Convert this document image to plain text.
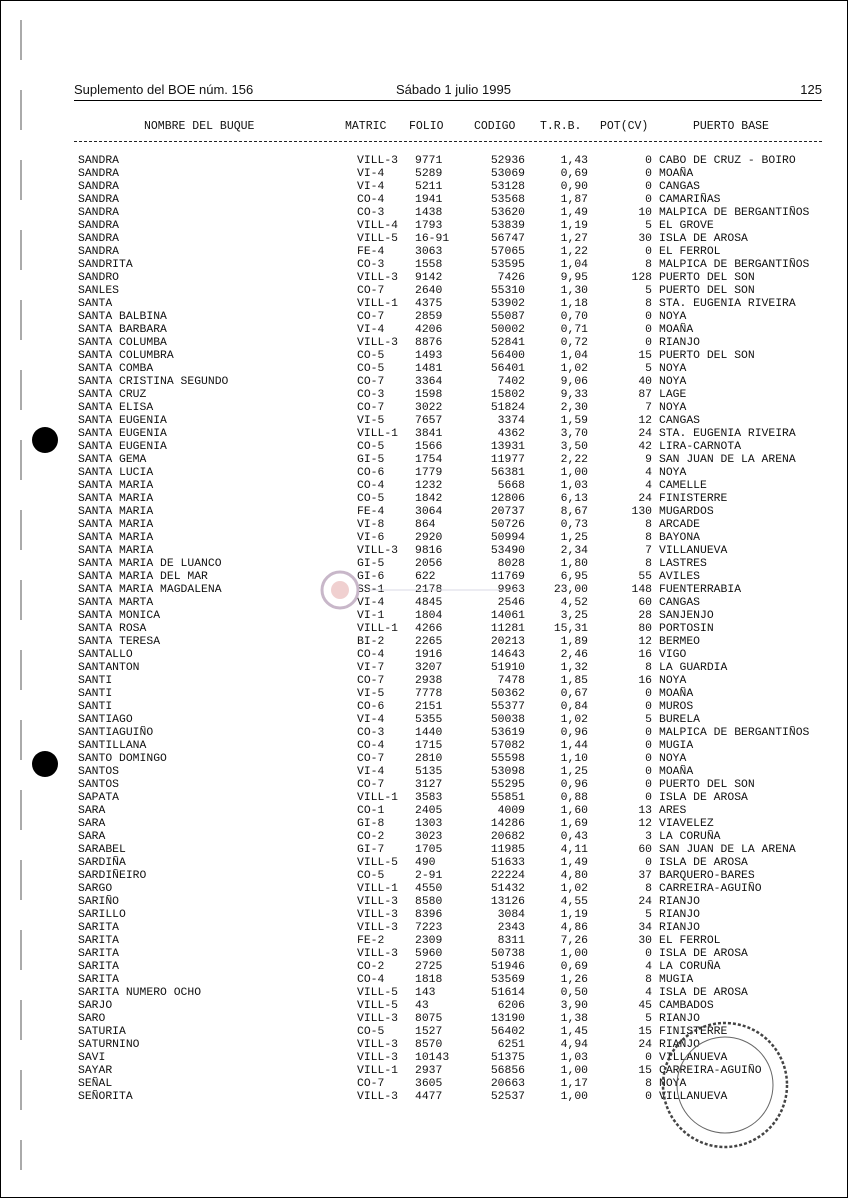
Suplemento del BOE núm. 156	Sábado 1 julio 1995	125
NOMBRE DEL BUQUE	MATRIC FOLIO	CODIGO T.R.B. POT(CV)	PUERTO BASE
SANDRA	VILL-3 9771	52936	1,43	0 CABO DE CRUZ - BOIRO
SANDRA	VI-4	5289	53069	0,69	0 MOAÑA
SANDRA	VI-4	5211	53128	0,90	0 CANGAS
SANDRA	CO-4	1941	53568	1,87	0 CAMARIÑAS
SANDRA	CO-3	1438	53620	1,49	10 MALPICA DE BERGANTIÑOS
SANDRA	VILL-4 1793	53839	1,19	5 EL GROVE
SANDRA	VILL-5 16-91	56747	1,27	30 ISLA DE AROSA
SANDRA	FE-4	3063	57065	1,22	0 EL FERROL
SANDRITA	CO-3	1558	53595	1,04	8 MALPICA DE BERGANTIÑOS
SANDRO	VILL-3 9142	7426	9,95	128 PUERTO DEL SON
SANLES	CO-7	2640	55310	1,30	5 PUERTO DEL SON
SANTA	VILL-1 4375	53902	1,18	8 STA. EUGENIA RIVEIRA
SANTA BALBINA	CO-7	2859	55087	0,70	0 NOYA
SANTA BARBARA	VI-4	4206	50002	0,71	0 MOAÑA
SANTA COLUMBA	VILL-3 8876	52841	0,72	0 RIANJO
SANTA COLUMBRA	CO-5	1493	56400	1,04	15 PUERTO DEL SON
SANTA COMBA	CO-5	1481	56401	1,02	5 NOYA
SANTA CRISTINA SEGUNDO	CO-7	3364	7402	9,06	40 NOYA
SANTA CRUZ	CO-3	1598	15802	9,33	87 LAGE
SANTA ELISA	CO-7	3022	51824	2,30	7 NOYA
SANTA EUGENIA	VI-5	7657	3374	1,59	12 CANGAS
SANTA EUGENIA	VILL-1 3841	4362	3,70	24 STA. EUGENIA RIVEIRA
SANTA EUGENIA	CO-5	1566	13931	3,50	42 LIRA-CARNOTA
SANTA GEMA	GI-5	1754	11977	2,22	9 SAN JUAN DE LA ARENA
SANTA LUCIA	CO-6	1779	56381	1,00	4 NOYA
SANTA MARIA	CO-4	1232	5668	1,03	4 CAMELLE
SANTA MARIA	CO-5	1842	12806	6,13	24 FINISTERRE
SANTA MARIA	FE-4	3064	20737	8,67	130 MUGARDOS
SANTA MARIA	VI-8	864	50726	0,73	8 ARCADE
SANTA MARIA	VI-6	2920	50994	1,25	8 BAYONA
SANTA MARIA	VILL-3 9816	53490	2,34	7 VILLANUEVA
SANTA MARIA DE LUANCO	GI-5	2056	8028	1,80	8 LASTRES
SANTA MARIA DEL MAR	GI-6	622	11769	6,95	55 AVILES
SANTA MARIA MAGDALENA	SS-1	2178	9963	23,00	148 FUENTERRABIA
SANTA MARTA	VI-4	4845	2546	4,52	60 CANGAS
SANTA MONICA	VI-1	1804	14061	3,25	28 SANJENJO
SANTA ROSA	VILL-1 4266	11281	15,31	80 PORTOSIN
SANTA TERESA	BI-2	2265	20213	1,89	12 BERMEO
SANTALLO	CO-4	1916	14643	2,46	16 VIGO
SANTANTON	VI-7	3207	51910	1,32	8 LA GUARDIA
SANTI	CO-7	2938	7478	1,85	16 NOYA
SANTI	VI-5	7778	50362	0,67	0 MOAÑA
SANTI	CO-6	2151	55377	0,84	0 MUROS
SANTIAGO	VI-4	5355	50038	1,02	5 BURELA
SANTIAGUIÑO	CO-3	1440	53619	0,96	0 MALPICA DE BERGANTIÑOS
SANTILLANA	CO-4	1715	57082	1,44	0 MUGIA
SANTO DOMINGO	CO-7	2810	55598	1,10	0 NOYA
SANTOS	VI-4	5135	53098	1,25	0 MOAÑA
SANTOS	CO-7	3127	55295	0,96	0 PUERTO DEL SON
SAPATA	VILL-1 3583	55851	0,88	0 ISLA DE AROSA
SARA	CO-1	2405	4009	1,60	13 ARES
SARA	GI-8	1303	14286	1,69	12 VIAVELEZ
SARA	CO-2	3023	20682	0,43	3 LA CORUÑA
SARABEL	GI-7	1705	11985	4,11	60 SAN JUAN DE LA ARENA
SARDIÑA	VILL-5 490	51633	1,49	0 ISLA DE AROSA
SARDIÑEIRO	CO-5	2-91	22224	4,80	37 BARQUERO-BARES
SARGO	VILL-1 4550	51432	1,02	8 CARREIRA-AGUIÑO
SARIÑO	VILL-3 8580	13126	4,55	24 RIANJO
SARILLO	VILL-3 8396	3084	1,19	5 RIANJO
SARITA	VILL-3 7223	2343	4,86	34 RIANJO
SARITA	FE-2	2309	8311	7,26	30 EL FERROL
SARITA	VILL-3 5960	50738	1,00	0 ISLA DE AROSA
SARITA	CO-2	2725	51946	0,69	4 LA CORUÑA
SARITA	CO-4	1818	53569	1,26	8 MUGIA
SARITA NUMERO OCHO	VILL-5 143	51614	0,50	4 ISLA DE AROSA
SARJO	VILL-5 43	6206	3,90	45 CAMBADOS
SARO	VILL-3 8075	13190	1,38	5 RIANJO
SATURIA	CO-5	1527	56402	1,45	15 FINISTERRE
SATURNINO	VILL-3 8570	6251	4,94	24 RIANJO
SAVI	VILL-3 10143	51375	1,03	0 VILLANUEVA
SAYAR	VILL-1 2937	56856	1,00	15 CARREIRA-AGUIÑO
SEÑAL	CO-7	3605	20663	1,17	8 NOYA
SEÑORITA	VILL-3 4477	52537	1,00	0 VILLANUEVA
